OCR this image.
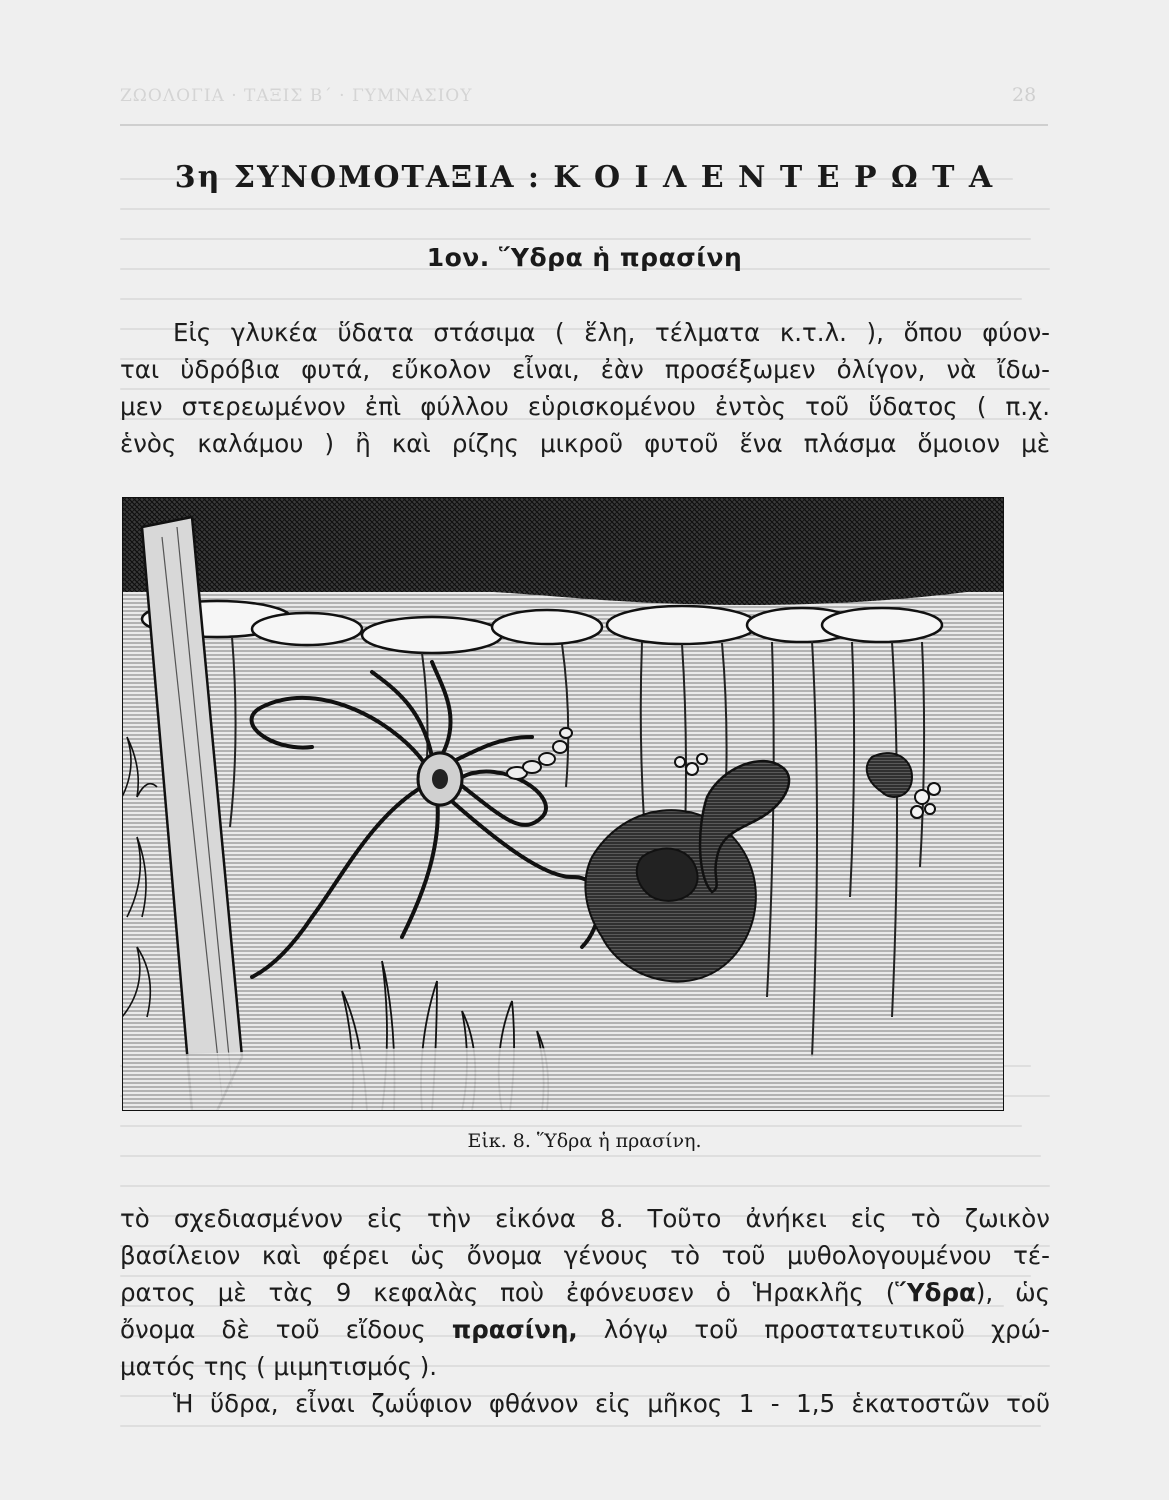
ΖΩΟΛΟΓΙΑ · ΤΑΞΙΣ Β΄ · ΓΥΜΝΑΣΙΟΥ	28
3η ΣΥΝΟΜΟΤΑΞΙΑ : Κ Ο Ι Λ Ε Ν Τ Ε Ρ Ω Τ Α
1ον. Ὕδρα ἡ πρασίνη
Εἰς γλυκέα ὕδατα στάσιμα ( ἕλη, τέλματα κ.τ.λ. ), ὅπου φύον-
ται ὑδρόβια φυτά, εὔκολον εἶναι, ἐὰν προσέξωμεν ὀλίγον, νὰ ἴδω-
μεν στερεωμένον ἐπὶ φύλλου εὑρισκομένου ἐντὸς τοῦ ὕδατος ( π.χ.
ἑνὸς καλάμου ) ἢ καὶ ρίζης μικροῦ φυτοῦ ἕνα πλάσμα ὅμοιον μὲ
Εἰκ. 8. Ὕδρα ἡ πρασίνη.
τὸ σχεδιασμένον εἰς τὴν εἰκόνα 8. Τοῦτο ἀνήκει εἰς τὸ ζωικὸν
βασίλειον καὶ φέρει ὡς ὄνομα γένους τὸ τοῦ μυθολογουμένου τέ-
ρατος μὲ τὰς 9 κεφαλὰς ποὺ ἐφόνευσεν ὁ Ἡρακλῆς (Ὕδρα), ὡς
ὄνομα δὲ τοῦ εἴδους πρασίνη, λόγῳ τοῦ προστατευτικοῦ χρώ-
ματός της ( μιμητισμός ).
Ἡ ὕδρα, εἶναι ζωΰφιον φθάνον εἰς μῆκος 1 - 1,5 ἑκατοστῶν τοῦ
